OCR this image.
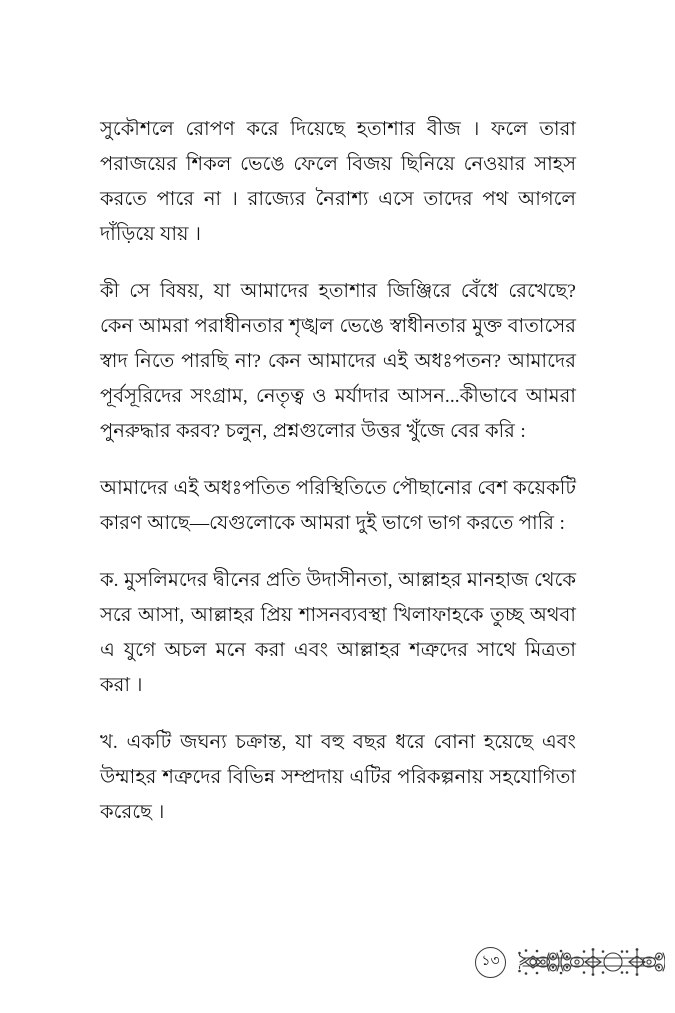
সুকৌশলে রোপণ করে দিয়েছে হতাশার বীজ । ফলে তারা পরাজয়ের শিকল ভেঙে ফেলে বিজয় ছিনিয়ে নেওয়ার সাহস করতে পারে না । রাজ্যের নৈরাশ্য এসে তাদের পথ আগলে দাঁড়িয়ে যায় ।

কী সে বিষয়, যা আমাদের হতাশার জিঞ্জিরে বেঁধে রেখেছে? কেন আমরা পরাধীনতার শৃঙ্খল ভেঙে স্বাধীনতার মুক্ত বাতাসের স্বাদ নিতে পারছি না? কেন আমাদের এই অধঃপতন? আমাদের পূর্বসূরিদের সংগ্রাম, নেতৃত্ব ও মর্যাদার আসন...কীভাবে আমরা পুনরুদ্ধার করব? চলুন, প্রশ্নগুলোর উত্তর খুঁজে বের করি :

আমাদের এই অধঃপতিত পরিস্থিতিতে পৌছানোর বেশ কয়েকটি কারণ আছে—যেগুলোকে আমরা দুই ভাগে ভাগ করতে পারি :

ক. মুসলিমদের দ্বীনের প্রতি উদাসীনতা, আল্লাহর মানহাজ থেকে সরে আসা, আল্লাহর প্রিয় শাসনব্যবস্থা খিলাফাহকে তুচ্ছ অথবা এ যুগে অচল মনে করা এবং আল্লাহর শত্রুদের সাথে মিত্রতা করা ।

খ. একটি জঘন্য চক্রান্ত, যা বহু বছর ধরে বোনা হয়েছে এবং উম্মাহর শত্রুদের বিভিন্ন সম্প্রদায় এটির পরিকল্পনায় সহযোগিতা করেছে ।

১৩
